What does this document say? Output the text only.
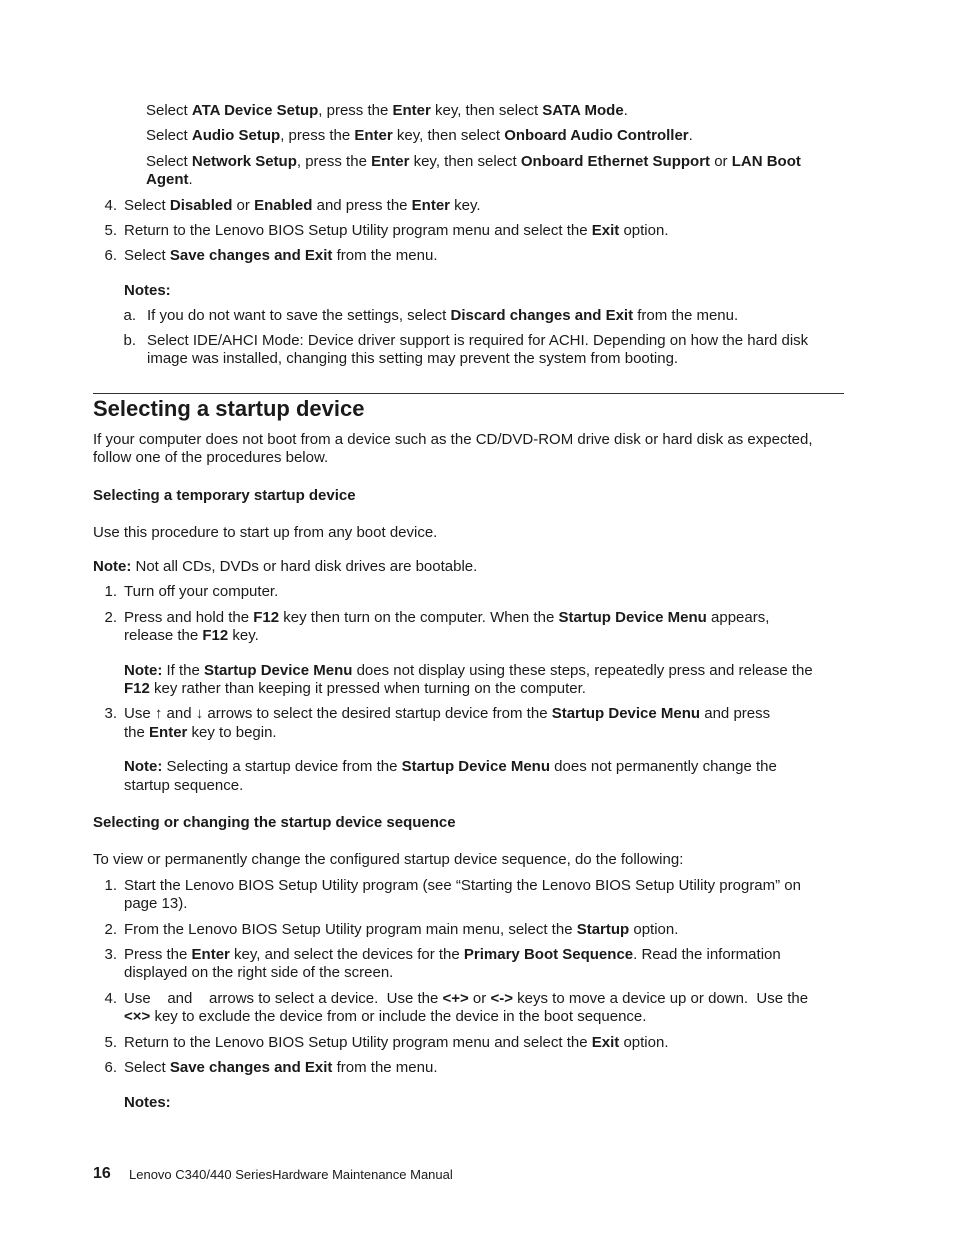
Select ATA Device Setup, press the Enter key, then select SATA Mode.
Select Audio Setup, press the Enter key, then select Onboard Audio Controller.
Select Network Setup, press the Enter key, then select Onboard Ethernet Support or LAN Boot
Agent.
4. Select Disabled or Enabled and press the Enter key.
5. Return to the Lenovo BIOS Setup Utility program menu and select the Exit option.
6. Select Save changes and Exit from the menu.
Notes:
a. If you do not want to save the settings, select Discard changes and Exit from the menu.
b. Select IDE/AHCI Mode: Device driver support is required for ACHI. Depending on how the hard disk
image was installed, changing this setting may prevent the system from booting.
Selecting a startup device
If your computer does not boot from a device such as the CD/DVD-ROM drive disk or hard disk as expected,
follow one of the procedures below.
Selecting a temporary startup device
Use this procedure to start up from any boot device.
Note: Not all CDs, DVDs or hard disk drives are bootable.
1. Turn off your computer.
2. Press and hold the F12 key then turn on the computer. When the Startup Device Menu appears,
release the F12 key.
Note: If the Startup Device Menu does not display using these steps, repeatedly press and release the
F12 key rather than keeping it pressed when turning on the computer.
3. Use ↑ and ↓ arrows to select the desired startup device from the Startup Device Menu and press
the Enter key to begin.
Note: Selecting a startup device from the Startup Device Menu does not permanently change the
startup sequence.
Selecting or changing the startup device sequence
To view or permanently change the configured startup device sequence, do the following:
1. Start the Lenovo BIOS Setup Utility program (see “Starting the Lenovo BIOS Setup Utility program” on
page 13).
2. From the Lenovo BIOS Setup Utility program main menu, select the Startup option.
3. Press the Enter key, and select the devices for the Primary Boot Sequence. Read the information
displayed on the right side of the screen.
4. Use    and    arrows to select a device.  Use the <+> or <-> keys to move a device up or down.  Use the
<×> key to exclude the device from or include the device in the boot sequence.
5. Return to the Lenovo BIOS Setup Utility program menu and select the Exit option.
6. Select Save changes and Exit from the menu.
Notes:
16 Lenovo C340/440 SeriesHardware Maintenance Manual
